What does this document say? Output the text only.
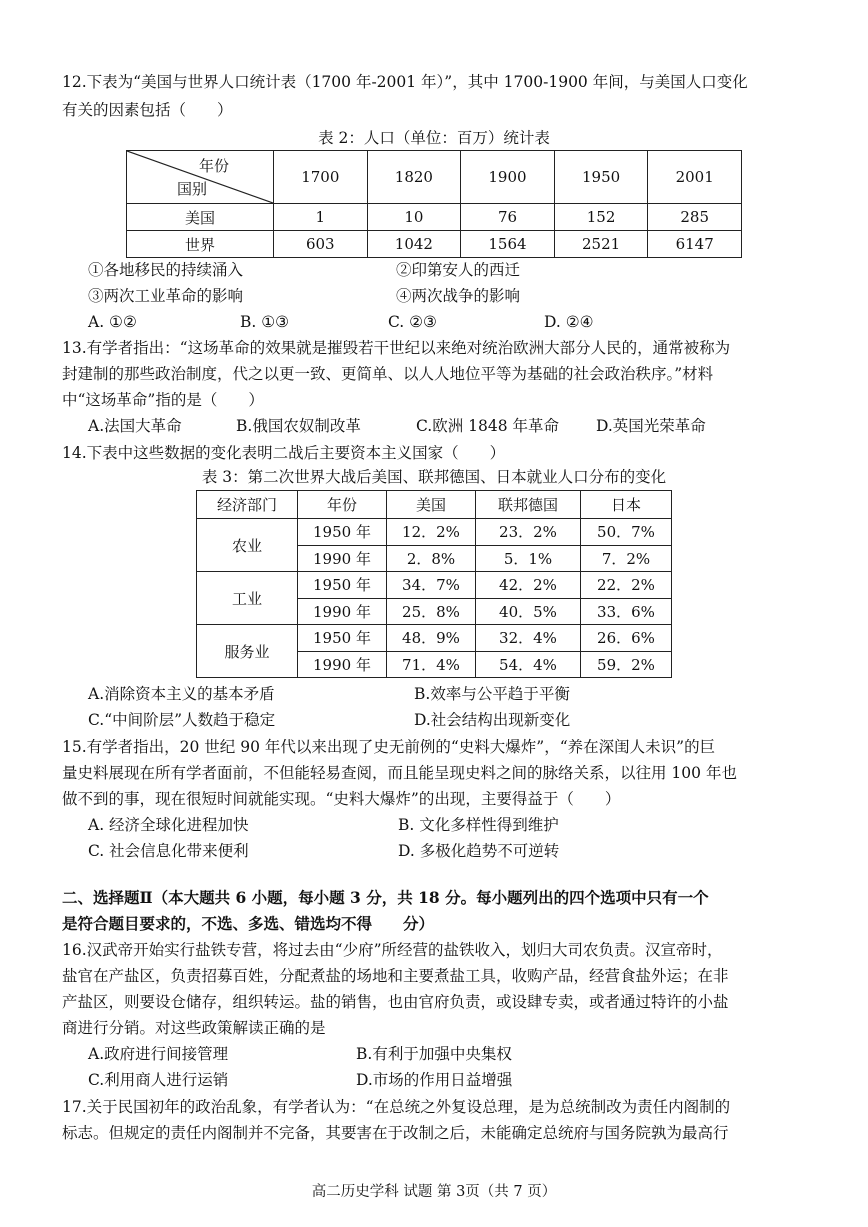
12.下表为“美国与世界人口统计表（1700 年-2001 年）”，其中 1700-1900 年间，与美国人口变化
有关的因素包括（　　）
表 2：人口（单位：百万）统计表
年份
国别	1700	1820	1900	1950	2001
美国	1	10	76	152	285
世界	603	1042	1564	2521	6147
①各地移民的持续涌入	②印第安人的西迁
③两次工业革命的影响	④两次战争的影响
A. ①②	B. ①③	C. ②③	D. ②④
13.有学者指出：“这场革命的效果就是摧毁若干世纪以来绝对统治欧洲大部分人民的，通常被称为
封建制的那些政治制度，代之以更一致、更简单、以人人地位平等为基础的社会政治秩序。”材料
中“这场革命”指的是（　　）
A.法国大革命	B.俄国农奴制改革	C.欧洲 1848 年革命 D.英国光荣革命
14.下表中这些数据的变化表明二战后主要资本主义国家（　　）
表 3：第二次世界大战后美国、联邦德国、日本就业人口分布的变化
经济部门	年份	美国	联邦德国	日本
农业	1950 年	12．2%	23．2%	50．7%
	1990 年	2．8%	5．1%	7．2%
工业	1950 年	34．7%	42．2%	22．2%
	1990 年	25．8%	40．5%	33．6%
服务业	1950 年	48．9%	32．4%	26．6%
	1990 年	71．4%	54．4%	59．2%
A.消除资本主义的基本矛盾	B.效率与公平趋于平衡
C.“中间阶层”人数趋于稳定	D.社会结构出现新变化
15.有学者指出，20 世纪 90 年代以来出现了史无前例的“史料大爆炸”，“养在深闺人未识”的巨
量史料展现在所有学者面前，不但能轻易查阅，而且能呈现史料之间的脉络关系，以往用 100 年也
做不到的事，现在很短时间就能实现。“史料大爆炸”的出现，主要得益于（　　）
A. 经济全球化进程加快	B. 文化多样性得到维护
C. 社会信息化带来便利	D. 多极化趋势不可逆转
二、选择题Ⅱ（本大题共 6 小题，每小题 3 分，共 18 分。每小题列出的四个选项中只有一个
是符合题目要求的，不选、多选、错选均不得　　分）
16.汉武帝开始实行盐铁专营，将过去由“少府”所经营的盐铁收入，划归大司农负责。汉宣帝时，
盐官在产盐区，负责招募百姓，分配煮盐的场地和主要煮盐工具，收购产品，经营食盐外运；在非
产盐区，则要设仓储存，组织转运。盐的销售，也由官府负责，或设肆专卖，或者通过特许的小盐
商进行分销。对这些政策解读正确的是
A.政府进行间接管理	B.有利于加强中央集权
C.利用商人进行运销	D.市场的作用日益增强
17.关于民国初年的政治乱象，有学者认为：“在总统之外复设总理，是为总统制改为责任内阁制的
标志。但规定的责任内阁制并不完备，其要害在于改制之后，未能确定总统府与国务院孰为最高行
高二历史学科 试题 第 3页（共 7 页）
